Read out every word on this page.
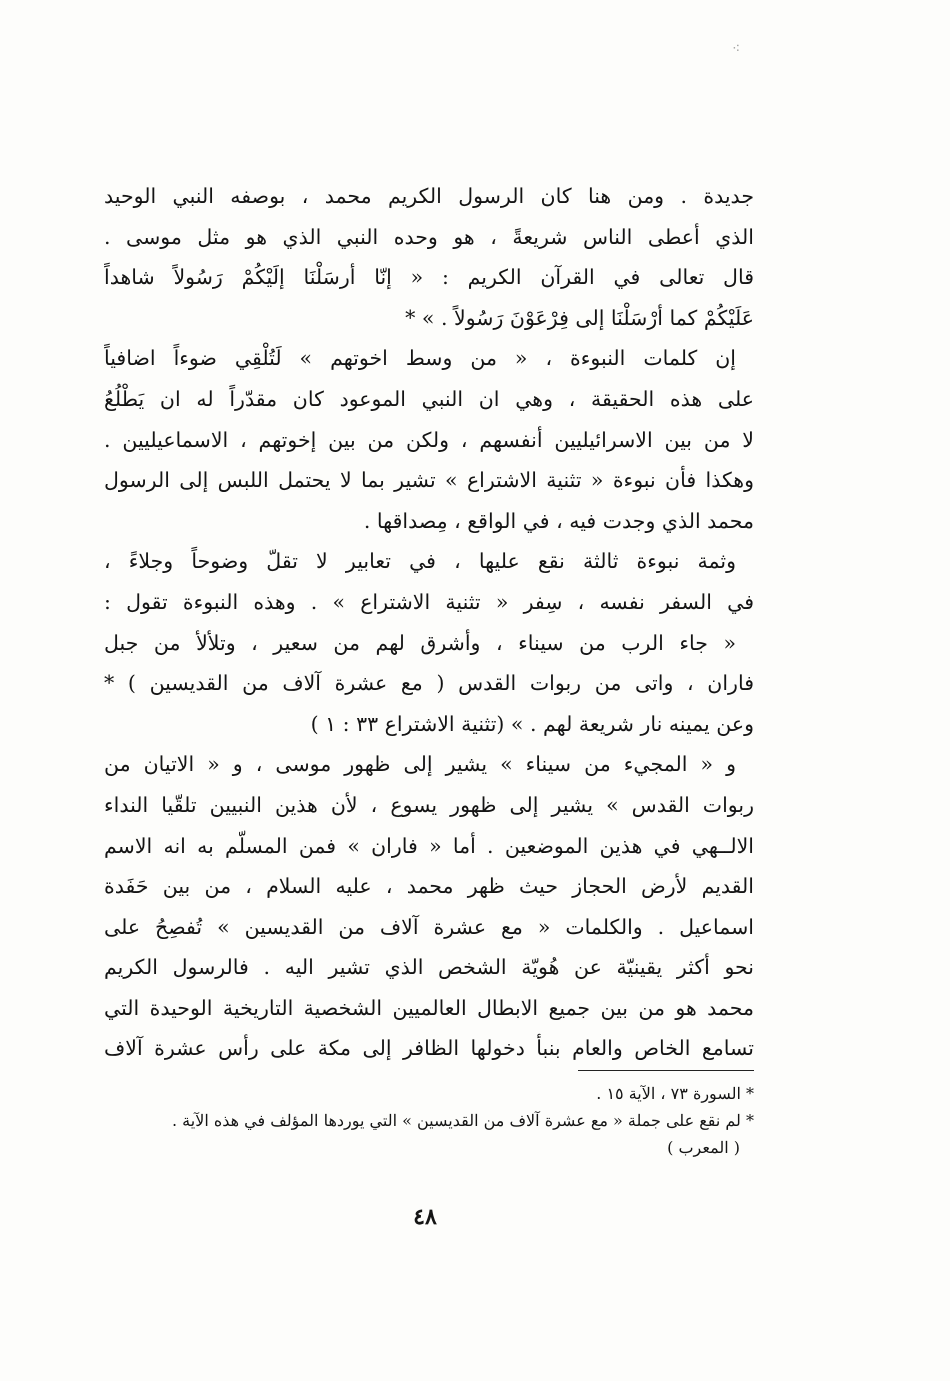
⁖
جديدة . ومن هنا كان الرسول الكريم محمد ، بوصفه النبي الوحيد
الذي أعطى الناس شريعةً ، هو وحده النبي الذي هو مثل موسى .
قال تعالى في القرآن الكريم : « إنّا أرسَلْنَا إلَيْكُمْ رَسُولاً شاهداً
عَلَيْكُمْ كما أرْسَلْنَا إلى فِرْعَوْنَ رَسُولاً . » *
إن كلمات النبوءة ، « من وسط اخوتهم » لَتُلْقِي ضوءاً اضافياً
على هذه الحقيقة ، وهي ان النبي الموعود كان مقدّراً له ان يَطْلُعُ
لا من بين الاسرائيليين أنفسهم ، ولكن من بين إخوتهم ، الاسماعيليين .
وهكذا فأن نبوءة « تثنية الاشتراع » تشير بما لا يحتمل اللبس إلى الرسول
محمد الذي وجدت فيه ، في الواقع ، مِصداقها .
وثمة نبوءة ثالثة نقع عليها ، في تعابير لا تقلّ وضوحاً وجلاءً ،
في السفر نفسه ، سِفر « تثنية الاشتراع » . وهذه النبوءة تقول :
« جاء الرب من سيناء ، وأشرق لهم من سعير ، وتلألأ من جبل
فاران ، واتى من ربوات القدس ( مع عشرة آلاف من القديسين ) *
وعن يمينه نار شريعة لهم . » (تثنية الاشتراع ٣٣ : ١ )
و « المجيء من سيناء » يشير إلى ظهور موسى ، و « الاتيان من
ربوات القدس » يشير إلى ظهور يسوع ، لأن هذين النبيين تلقّيا النداء
الالــهي في هذين الموضعين . أما « فاران » فمن المسلّم به انه الاسم
القديم لأرض الحجاز حيث ظهر محمد ، عليه السلام ، من بين حَفَدة
اسماعيل . والكلمات « مع عشرة آلاف من القديسين » تُفصِحُ على
نحو أكثر يقينيّة عن هُويّة الشخص الذي تشير اليه . فالرسول الكريم
محمد هو من بين جميع الابطال العالميين الشخصية التاريخية الوحيدة التي
تسامع الخاص والعام بنبأ دخولها الظافر إلى مكة على رأس عشرة آلاف
* السورة ٧٣ ، الآية ١٥ .
* لم نقع على جملة « مع عشرة آلاف من القديسين » التي يوردها المؤلف في هذه الآية .
( المعرب )
٤٨
